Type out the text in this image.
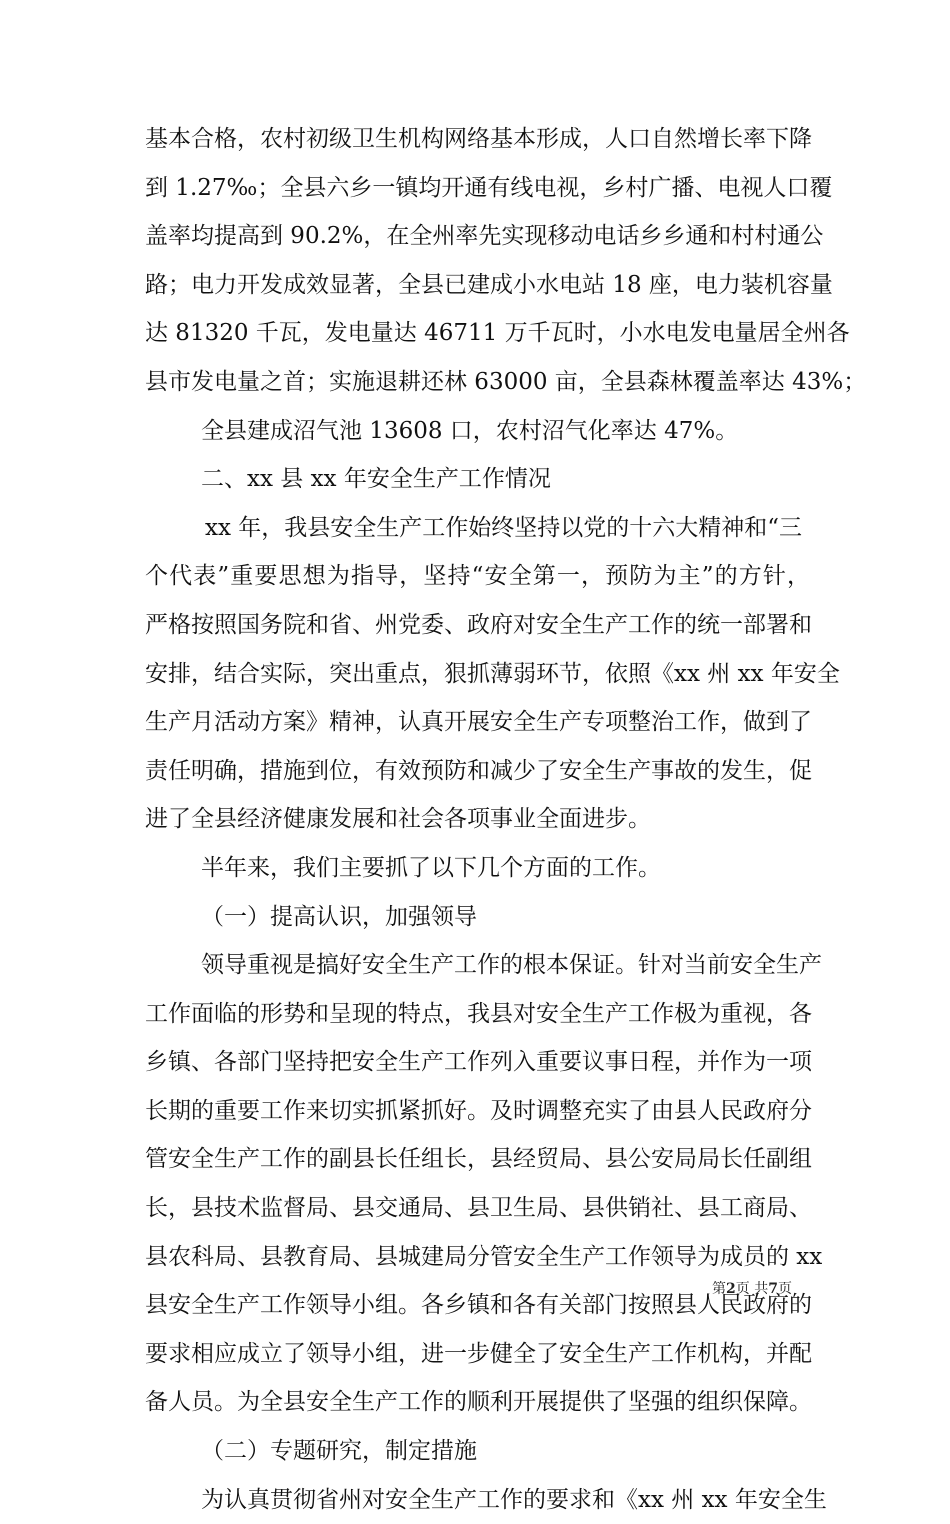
基本合格，农村初级卫生机构网络基本形成，人口自然增长率下降
到 1.27‰；全县六乡一镇均开通有线电视，乡村广播、电视人口覆
盖率均提高到 90.2%，在全州率先实现移动电话乡乡通和村村通公
路；电力开发成效显著，全县已建成小水电站 18 座，电力装机容量
达 81320 千瓦，发电量达 46711 万千瓦时，小水电发电量居全州各
县市发电量之首；实施退耕还林 63000 亩，全县森林覆盖率达 43%；
全县建成沼气池 13608 口，农村沼气化率达 47%。
二、xx 县 xx 年安全生产工作情况
xx 年，我县安全生产工作始终坚持以党的十六大精神和“三
个代表”重要思想为指导，坚持“安全第一，预防为主”的方针，
严格按照国务院和省、州党委、政府对安全生产工作的统一部署和
安排，结合实际，突出重点，狠抓薄弱环节，依照《xx 州 xx 年安全
生产月活动方案》精神，认真开展安全生产专项整治工作，做到了
责任明确，措施到位，有效预防和减少了安全生产事故的发生，促
进了全县经济健康发展和社会各项事业全面进步。
半年来，我们主要抓了以下几个方面的工作。
（一）提高认识，加强领导
领导重视是搞好安全生产工作的根本保证。针对当前安全生产
工作面临的形势和呈现的特点，我县对安全生产工作极为重视，各
乡镇、各部门坚持把安全生产工作列入重要议事日程，并作为一项
长期的重要工作来切实抓紧抓好。及时调整充实了由县人民政府分
管安全生产工作的副县长任组长，县经贸局、县公安局局长任副组
长，县技术监督局、县交通局、县卫生局、县供销社、县工商局、
县农科局、县教育局、县城建局分管安全生产工作领导为成员的 xx
县安全生产工作领导小组。各乡镇和各有关部门按照县人民政府的
要求相应成立了领导小组，进一步健全了安全生产工作机构，并配
备人员。为全县安全生产工作的顺利开展提供了坚强的组织保障。
（二）专题研究，制定措施
为认真贯彻省州对安全生产工作的要求和《xx 州 xx 年安全生
第 2 页 共 7 页
